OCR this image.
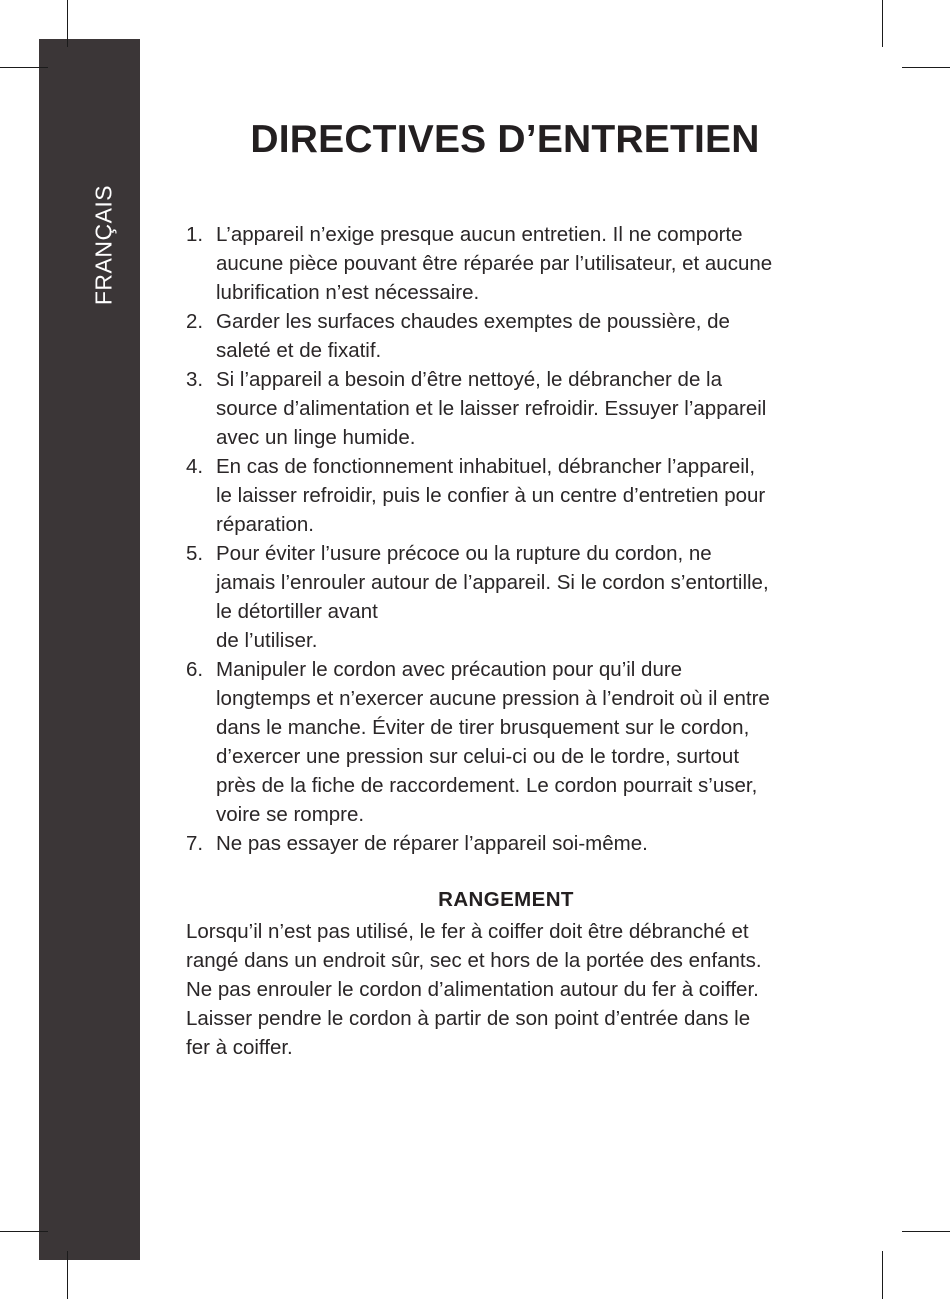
FRANÇAIS
DIRECTIVES D’ENTRETIEN
1. L’appareil n’exige presque aucun entretien. Il ne comporte
aucune pièce pouvant être réparée par l’utilisateur, et aucune
lubrification n’est nécessaire.
2. Garder les surfaces chaudes exemptes de poussière, de
saleté et de fixatif.
3. Si l’appareil a besoin d’être nettoyé, le débrancher de la
source d’alimentation et le laisser refroidir. Essuyer l’appareil
avec un linge humide.
4. En cas de fonctionnement inhabituel, débrancher l’appareil,
le laisser refroidir, puis le confier à un centre d’entretien pour
réparation.
5. Pour éviter l’usure précoce ou la rupture du cordon, ne
jamais l’enrouler autour de l’appareil. Si le cordon s’entortille,
le détortiller avant
de l’utiliser.
6. Manipuler le cordon avec précaution pour qu’il dure
longtemps et n’exercer aucune pression à l’endroit où il entre
dans le manche. Éviter de tirer brusquement sur le cordon,
d’exercer une pression sur celui-ci ou de le tordre, surtout
près de la fiche de raccordement. Le cordon pourrait s’user,
voire se rompre.
7. Ne pas essayer de réparer l’appareil soi-même.
RANGEMENT

Lorsqu’il n’est pas utilisé, le fer à coiffer doit être débranché et
rangé dans un endroit sûr, sec et hors de la portée des enfants.
Ne pas enrouler le cordon d’alimentation autour du fer à coiffer.
Laisser pendre le cordon à partir de son point d’entrée dans le
fer à coiffer.
